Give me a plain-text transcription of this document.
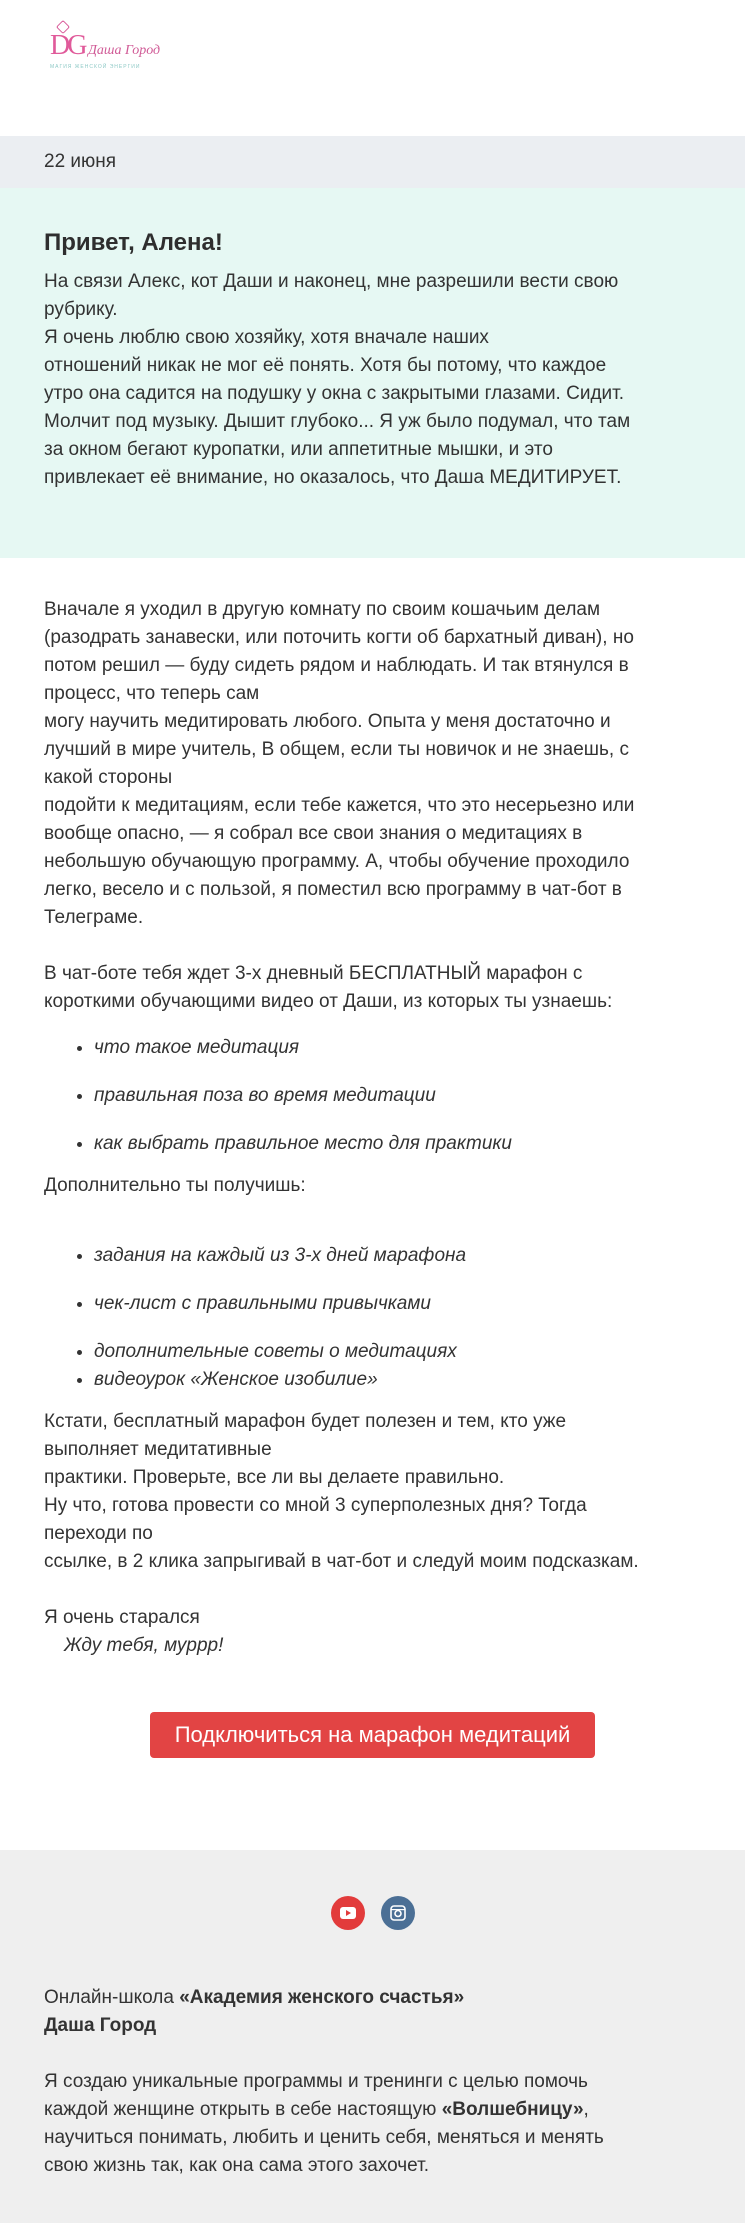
DG Даша Город
МАГИЯ ЖЕНСКОЙ ЭНЕРГИИ
22 июня
Привет, Алена!

На связи Алекс, кот Даши и наконец, мне разрешили вести свою
рубрику.
Я очень люблю свою хозяйку, хотя вначале наших
отношений никак не мог её понять. Хотя бы потому, что каждое
утро она садится на подушку у окна с закрытыми глазами. Сидит.
Молчит под музыку. Дышит глубоко... Я уж было подумал, что там
за окном бегают куропатки, или аппетитные мышки, и это
привлекает её внимание, но оказалось, что Даша МЕДИТИРУЕТ.

Вначале я уходил в другую комнату по своим кошачьим делам
(разодрать занавески, или поточить когти об бархатный диван), но
потом решил — буду сидеть рядом и наблюдать. И так втянулся в
процесс, что теперь сам
могу научить медитировать любого. Опыта у меня достаточно и
лучший в мире учитель, В общем, если ты новичок и не знаешь, с
какой стороны
подойти к медитациям, если тебе кажется, что это несерьезно или
вообще опасно, — я собрал все свои знания о медитациях в
небольшую обучающую программу. А, чтобы обучение проходило
легко, весело и с пользой, я поместил всю программу в чат-бот в
Телеграме.

В чат-боте тебя ждет 3-х дневный БЕСПЛАТНЫЙ марафон с
короткими обучающими видео от Даши, из которых ты узнаешь:

• что такое медитация
• правильная поза во время медитации
• как выбрать правильное место для практики

Дополнительно ты получишь:

• задания на каждый из 3-х дней марафона
• чек-лист с правильными привычками
• дополнительные советы о медитациях
• видеоурок «Женское изобилие»

Кстати, бесплатный марафон будет полезен и тем, кто уже
выполняет медитативные
практики. Проверьте, все ли вы делаете правильно.
Ну что, готова провести со мной 3 суперполезных дня? Тогда
переходи по
ссылке, в 2 клика запрыгивай в чат-бот и следуй моим подсказкам.

Я очень старался
Жду тебя, муррр!

Подключиться на марафон медитаций

Онлайн-школа «Академия женского счастья»
Даша Город

Я создаю уникальные программы и тренинги с целью помочь
каждой женщине открыть в себе настоящую «Волшебницу»,
научиться понимать, любить и ценить себя, меняться и менять
свою жизнь так, как она сама этого захочет.
